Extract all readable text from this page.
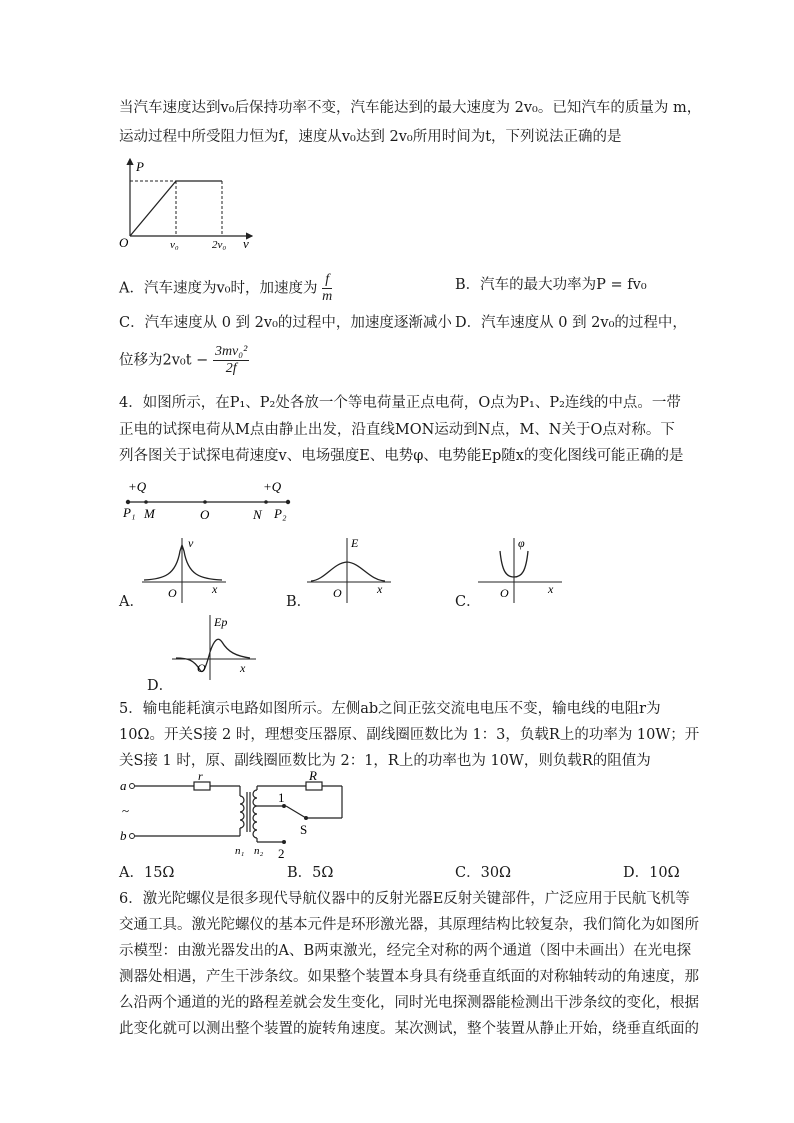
当汽车速度达到v₀后保持功率不变，汽车能达到的最大速度为 2v₀。已知汽车的质量为 m，
运动过程中所受阻力恒为f，速度从v₀达到 2v₀所用时间为t，下列说法正确的是
P
O	v₀	2v₀ v
A．汽车速度为v₀时，加速度为 $\frac{f}{m}$	B．汽车的最大功率为P = fv₀
C．汽车速度从 0 到 2v₀的过程中，加速度逐渐减小 D．汽车速度从 0 到 2v₀的过程中，
位移为$2v_0t - \frac{\text{3mv₀²}}{2f}$
4．如图所示，在P₁、P₂处各放一个等电荷量正点电荷，O点为P₁、P₂连线的中点。一带
正电的试探电荷从M点由静止出发，沿直线MON运动到N点，M、N关于O点对称。下
列各图关于试探电荷速度v、电场强度E、电势φ、电势能Ep随x的变化图线可能正确的是
+Q	+Q
P₁ M	O	N P₂
A．
v
O	x
B．
E
O	x
C．
φ
O	x
Ep
O	x
D．
5．输电能耗演示电路如图所示。左侧ab之间正弦交流电电压不变，输电线的电阻r为
10Ω。开关S接 2 时，理想变压器原、副线圈匝数比为 1：3，负载R上的功率为 10W；开
关S接 1 时，原、副线圈匝数比为 2：1，R上的功率也为 10W，则负载R的阻值为
a
b
~
r	R
1
S
2
n₁ n₂
A．15Ω	B．5Ω	C．30Ω	D．10Ω
6．激光陀螺仪是很多现代导航仪器中的反射光器E反射关键部件，广泛应用于民航飞机等
交通工具。激光陀螺仪的基本元件是环形激光器，其原理结构比较复杂，我们简化为如图所
示模型：由激光器发出的A、B两束激光，经完全对称的两个通道（图中未画出）在光电探
测器处相遇，产生干涉条纹。如果整个装置本身具有绕垂直纸面的对称轴转动的角速度，那
么沿两个通道的光的路程差就会发生变化，同时光电探测器能检测出干涉条纹的变化，根据
此变化就可以测出整个装置的旋转角速度。某次测试，整个装置从静止开始，绕垂直纸面的
